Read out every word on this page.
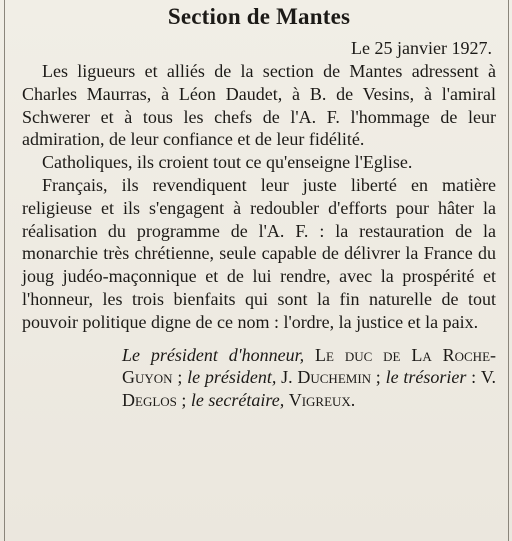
Section de Mantes
Le 25 janvier 1927.

Les ligueurs et alliés de la section de Mantes adressent à Charles Maurras, à Léon Daudet, à B. de Vesins, à l'amiral Schwerer et à tous les chefs de l'A. F. l'hommage de leur admiration, de leur confiance et de leur fidélité.

Catholiques, ils croient tout ce qu'enseigne l'Eglise.

Français, ils revendiquent leur juste liberté en matière religieuse et ils s'engagent à redoubler d'efforts pour hâter la réalisation du programme de l'A. F. : la restauration de la monarchie très chrétienne, seule capable de délivrer la France du joug judéo-maçonnique et de lui rendre, avec la prospérité et l'honneur, les trois bienfaits qui sont la fin naturelle de tout pouvoir politique digne de ce nom : l'ordre, la justice et la paix.

Le président d'honneur, Le duc de La Roche-Guyon ; le président, J. Duchemin ; le trésorier : V. Deglos ; le secrétaire, Vigreux.
